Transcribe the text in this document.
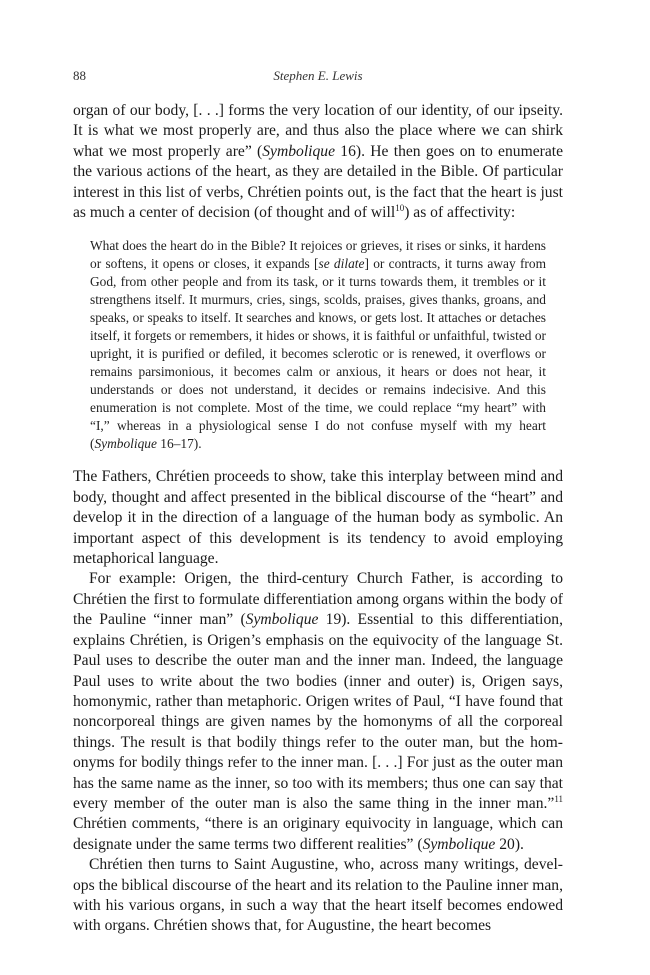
88	Stephen E. Lewis

organ of our body, [. . .] forms the very location of our identity, of our ipseity. It is what we most properly are, and thus also the place where we can shirk what we most properly are” (Symbolique 16). He then goes on to enumerate the various actions of the heart, as they are detailed in the Bible. Of particular interest in this list of verbs, Chrétien points out, is the fact that the heart is just as much a center of decision (of thought and of will$^{10}$) as of affectivity:

What does the heart do in the Bible? It rejoices or grieves, it rises or sinks, it hardens or softens, it opens or closes, it expands [se dilate] or contracts, it turns away from God, from other people and from its task, or it turns towards them, it trembles or it strengthens itself. It murmurs, cries, sings, scolds, praises, gives thanks, groans, and speaks, or speaks to itself. It searches and knows, or gets lost. It attaches or detaches itself, it forgets or remembers, it hides or shows, it is faithful or unfaithful, twisted or upright, it is purified or defiled, it becomes sclerotic or is renewed, it overflows or remains parsimonious, it becomes calm or anxious, it hears or does not hear, it understands or does not understand, it decides or remains indecisive. And this enumeration is not complete. Most of the time, we could replace “my heart” with “I,” whereas in a physiological sense I do not confuse myself with my heart (Symbolique 16–17).

The Fathers, Chrétien proceeds to show, take this interplay between mind and body, thought and affect presented in the biblical discourse of the “heart” and develop it in the direction of a language of the human body as symbolic. An important aspect of this development is its tendency to avoid employing metaphorical language.

For example: Origen, the third-century Church Father, is according to Chrétien the first to formulate differentiation among organs within the body of the Pauline “inner man” (Symbolique 19). Essential to this differentiation, explains Chrétien, is Origen’s emphasis on the equivocity of the language St. Paul uses to describe the outer man and the inner man. Indeed, the language Paul uses to write about the two bodies (inner and outer) is, Origen says, homonymic, rather than metaphoric. Origen writes of Paul, “I have found that noncorporeal things are given names by the homonyms of all the corporeal things. The result is that bodily things refer to the outer man, but the homonyms for bodily things refer to the inner man. [. . .] For just as the outer man has the same name as the inner, so too with its members; thus one can say that every member of the outer man is also the same thing in the inner man.”$^{11}$ Chrétien comments, “there is an originary equivocity in language, which can designate under the same terms two different realities” (Symbolique 20).

Chrétien then turns to Saint Augustine, who, across many writings, develops the biblical discourse of the heart and its relation to the Pauline inner man, with his various organs, in such a way that the heart itself becomes endowed with organs. Chrétien shows that, for Augustine, the heart becomes
